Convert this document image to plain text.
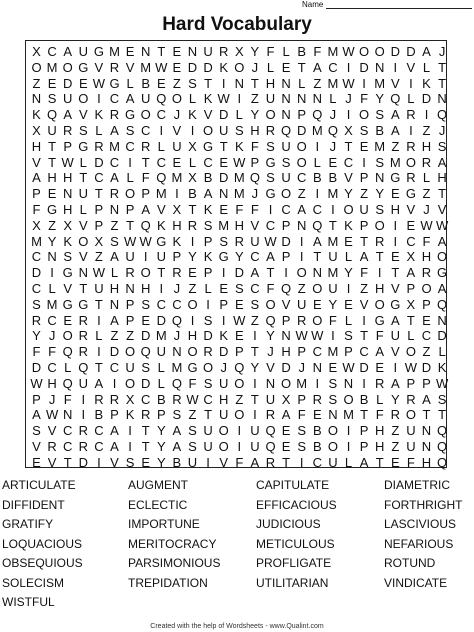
Name
Hard Vocabulary
X C A U G M E N T E N U R X Y F L B F M W O O D D A J
O M O G V R V M W E D D K O J L E T A C I D N I V L T
Z E D E W G L B E Z S T I N T H N L Z M W I M V I K T
N S U O I C A U Q O L K W I Z U N N N L J F Y Q L D N
K Q A V K R G O C J K V D L Y O N P Q J I O S A R I Q
X U R S L A S C I V I O U S H R Q D M Q X S B A I Z J
H T P G R M C R L U X G T K F S U O I J T E M Z R H S
V T W L D C I T C E L C E W P G S O L E C I S M O R A
A H H T C A L F Q M X B D M Q S U C B B V P N G R L H
P E N U T R O P M I B A N M J G O Z I M Y Z Y E G Z T
F G H L P N P A V X T K E F F I C A C I O U S H V J V
X Z X V P Z T Q K H R S M H V C P N Q T K P O I E W W
M Y K O X S W W G K I P S R U W D I A M E T R I C F A
C N S V Z A U I U P Y K G Y C A P I T U L A T E X H O
D I G N W L R O T R E P I D A T I O N M Y F I T A R G
C L V T U H N H I J Z L E S C F Q Z O U I Z H V P O A
S M G G T N P S C C O I P E S O V U E Y E V O G X P Q
R C E R I A P E D Q I S I W Z Q P R O F L I G A T E N
Y J O R L Z Z D M J H D K E I Y N W W I S T F U L C D
F F Q R I D O Q U N O R D P T J H P C M P C A V O Z L
D C L Q T C U S L M G O J Q Y V D J N E W D E I W D K
W H Q U A I O D L Q F S U O I N O M I S N I R A P P W
P J F I R R X C B R W C H Z T U X P R S O B L Y R A S
A W N I B P K R P S Z T U O I R A F E N M T F R O T T
S V C R C A I T Y A S U O I U Q E S B O I P H Z U N Q
V R C R C A I T Y A S U O I U Q E S B O I P H Z U N Q
E V T D I V S E Y B U I V F A R T I C U L A T E F H Q
ARTICULATE
DIFFIDENT
GRATIFY
LOQUACIOUS
OBSEQUIOUS
SOLECISM
WISTFUL
AUGMENT
ECLECTIC
IMPORTUNE
MERITOCRACY
PARSIMONIOUS
TREPIDATION
CAPITULATE
EFFICACIOUS
JUDICIOUS
METICULOUS
PROFLIGATE
UTILITARIAN
DIAMETRIC
FORTHRIGHT
LASCIVIOUS
NEFARIOUS
ROTUND
VINDICATE
Created with the help of Wordsheets - www.Qualint.com
